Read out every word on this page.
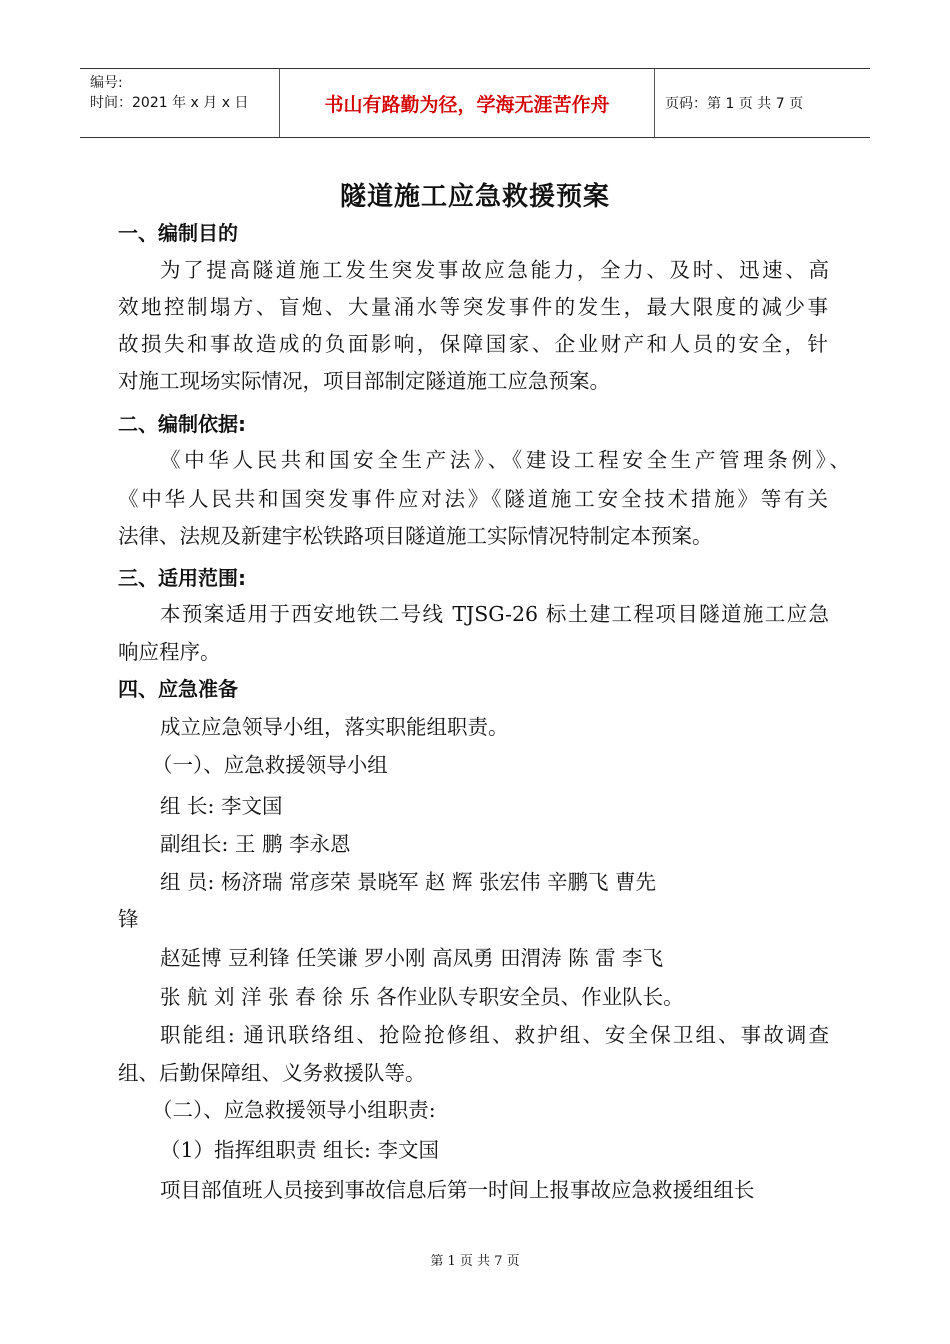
编号:
时间：2021 年 x 月 x 日	书山有路勤为径，学海无涯苦作舟	页码：第 1 页 共 7 页
隧道施工应急救援预案
一、编制目的
为了提高隧道施工发生突发事故应急能力，全力、及时、迅速、高
效地控制塌方、盲炮、大量涌水等突发事件的发生，最大限度的减少事
故损失和事故造成的负面影响，保障国家、企业财产和人员的安全，针
对施工现场实际情况，项目部制定隧道施工应急预案。
二、编制依据:
《中华人民共和国安全生产法》、《建设工程安全生产管理条例》、
《中华人民共和国突发事件应对法》《隧道施工安全技术措施》等有关
法律、法规及新建宇松铁路项目隧道施工实际情况特制定本预案。
三、适用范围:
本预案适用于西安地铁二号线 TJSG-26 标土建工程项目隧道施工应急
响应程序。
四、应急准备
成立应急领导小组，落实职能组职责。
（一）、应急救援领导小组
组 长: 李文国
副组长: 王 鹏 李永恩
组 员: 杨济瑞 常彦荣 景晓军 赵 辉 张宏伟 辛鹏飞 曹先
锋
赵延博 豆利锋 任笑谦 罗小刚 高凤勇 田渭涛 陈 雷 李飞
张 航 刘 洋 张 春 徐 乐 各作业队专职安全员、作业队长。
职能组: 通讯联络组、抢险抢修组、救护组、安全保卫组、事故调查
组、后勤保障组、义务救援队等。
（二）、应急救援领导小组职责:
（1）指挥组职责 组长: 李文国
项目部值班人员接到事故信息后第一时间上报事故应急救援组组长
第 1 页 共 7 页
